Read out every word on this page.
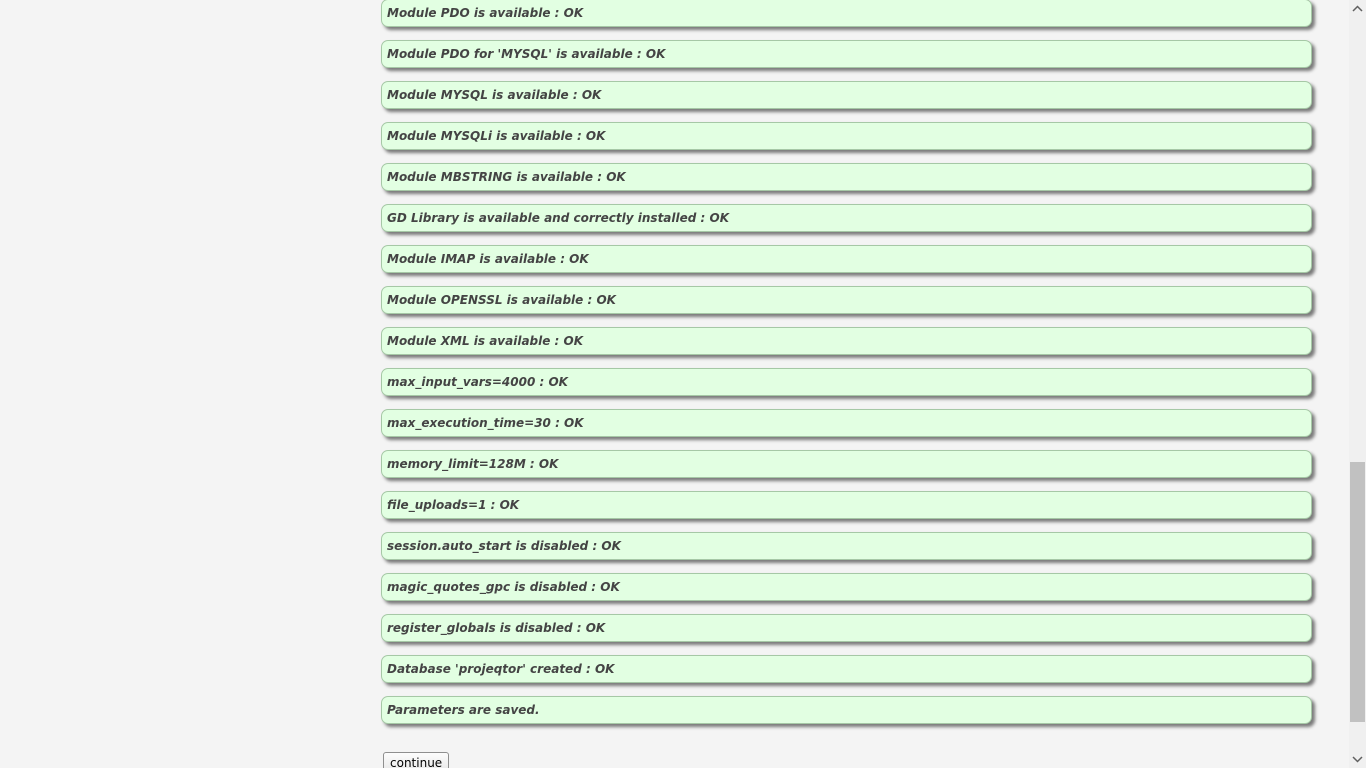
Module PDO is available : OK
Module PDO for 'MYSQL' is available : OK
Module MYSQL is available : OK
Module MYSQLi is available : OK
Module MBSTRING is available : OK
GD Library is available and correctly installed : OK
Module IMAP is available : OK
Module OPENSSL is available : OK
Module XML is available : OK
max_input_vars=4000 : OK
max_execution_time=30 : OK
memory_limit=128M : OK
file_uploads=1 : OK
session.auto_start is disabled : OK
magic_quotes_gpc is disabled : OK
register_globals is disabled : OK
Database 'projeqtor' created : OK
Parameters are saved.
continue
